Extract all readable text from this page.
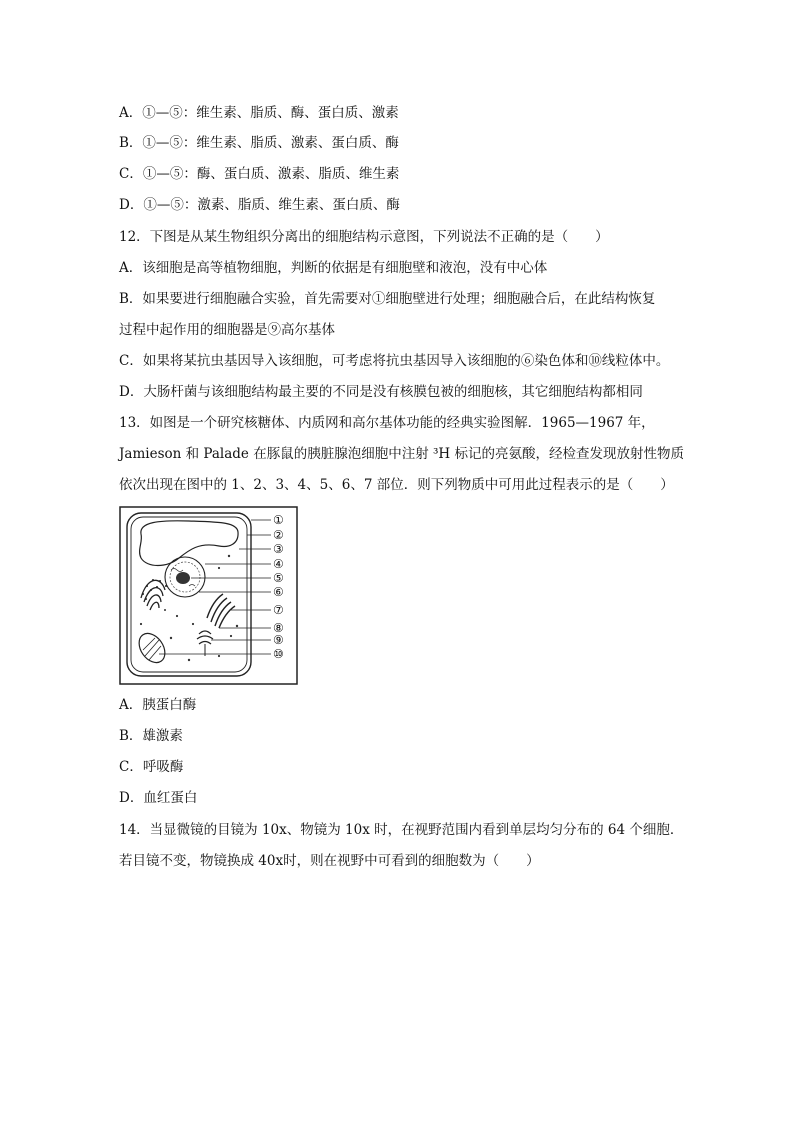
A．①—⑤：维生素、脂质、酶、蛋白质、激素
B．①—⑤：维生素、脂质、激素、蛋白质、酶
C．①—⑤：酶、蛋白质、激素、脂质、维生素
D．①—⑤：激素、脂质、维生素、蛋白质、酶
12．下图是从某生物组织分离出的细胞结构示意图，下列说法不正确的是（　　）
A．该细胞是高等植物细胞，判断的依据是有细胞壁和液泡，没有中心体
B．如果要进行细胞融合实验，首先需要对①细胞壁进行处理；细胞融合后，在此结构恢复
过程中起作用的细胞器是⑨高尔基体
C．如果将某抗虫基因导入该细胞，可考虑将抗虫基因导入该细胞的⑥染色体和⑩线粒体中。
D．大肠杆菌与该细胞结构最主要的不同是没有核膜包被的细胞核，其它细胞结构都相同
13．如图是一个研究核糖体、内质网和高尔基体功能的经典实验图解．1965—1967 年，
Jamieson 和 Palade 在豚鼠的胰脏腺泡细胞中注射 ³H 标记的亮氨酸，经检查发现放射性物质
依次出现在图中的 1、2、3、4、5、6、7 部位．则下列物质中可用此过程表示的是（　　）
①
②
③
④
⑤
⑥
⑦
⑧
⑨
⑩
A．胰蛋白酶
B．雄激素
C．呼吸酶
D．血红蛋白
14．当显微镜的目镜为 10x、物镜为 10x 时，在视野范围内看到单层均匀分布的 64 个细胞．
若目镜不变，物镜换成 40x时，则在视野中可看到的细胞数为（　　）
